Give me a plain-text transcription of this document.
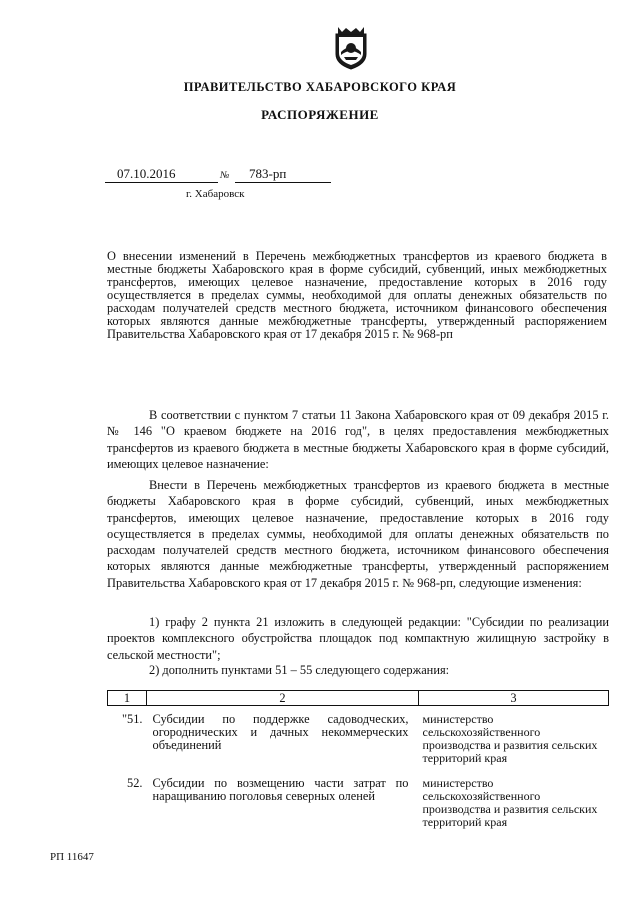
ПРАВИТЕЛЬСТВО ХАБАРОВСКОГО КРАЯ
РАСПОРЯЖЕНИЕ
07.10.2016	№	783-рп
г. Хабаровск
О внесении изменений в Перечень межбюджетных трансфертов из краевого бюджета в местные бюджеты Хабаровского края в форме субсидий, субвенций, иных межбюджетных трансфертов, имеющих целевое назначение, предоставление которых в 2016 году осуществляется в пределах суммы, необходимой для оплаты денежных обязательств по расходам получателей средств местного бюджета, источником финансового обеспечения которых являются данные межбюджетные трансферты, утвержденный распоряжением Правительства Хабаровского края от 17 декабря 2015 г. № 968-рп

В соответствии с пунктом 7 статьи 11 Закона Хабаровского края от 09 декабря 2015 г. № 146 "О краевом бюджете на 2016 год", в целях предоставления межбюджетных трансфертов из краевого бюджета в местные бюджеты Хабаровского края в форме субсидий, имеющих целевое назначение:

Внести в Перечень межбюджетных трансфертов из краевого бюджета в местные бюджеты Хабаровского края в форме субсидий, субвенций, иных межбюджетных трансфертов, имеющих целевое назначение, предоставление которых в 2016 году осуществляется в пределах суммы, необходимой для оплаты денежных обязательств по расходам получателей средств местного бюджета, источником финансового обеспечения которых являются данные межбюджетные трансферты, утвержденный распоряжением Правительства Хабаровского края от 17 декабря 2015 г. № 968-рп, следующие изменения:

1) графу 2 пункта 21 изложить в следующей редакции: "Субсидии по реализации проектов комплексного обустройства площадок под компактную жилищную застройку в сельской местности";

2) дополнить пунктами 51 – 55 следующего содержания:

1	2	3
"51.	Субсидии по поддержке садоводческих, огороднических и дачных некоммерческих объединений	министерство сельскохозяйственного производства и развития сельских территорий края
52.	Субсидии по возмещению части затрат по наращиванию поголовья северных оленей	министерство сельскохозяйственного производства и развития сельских территорий края
РП 11647
